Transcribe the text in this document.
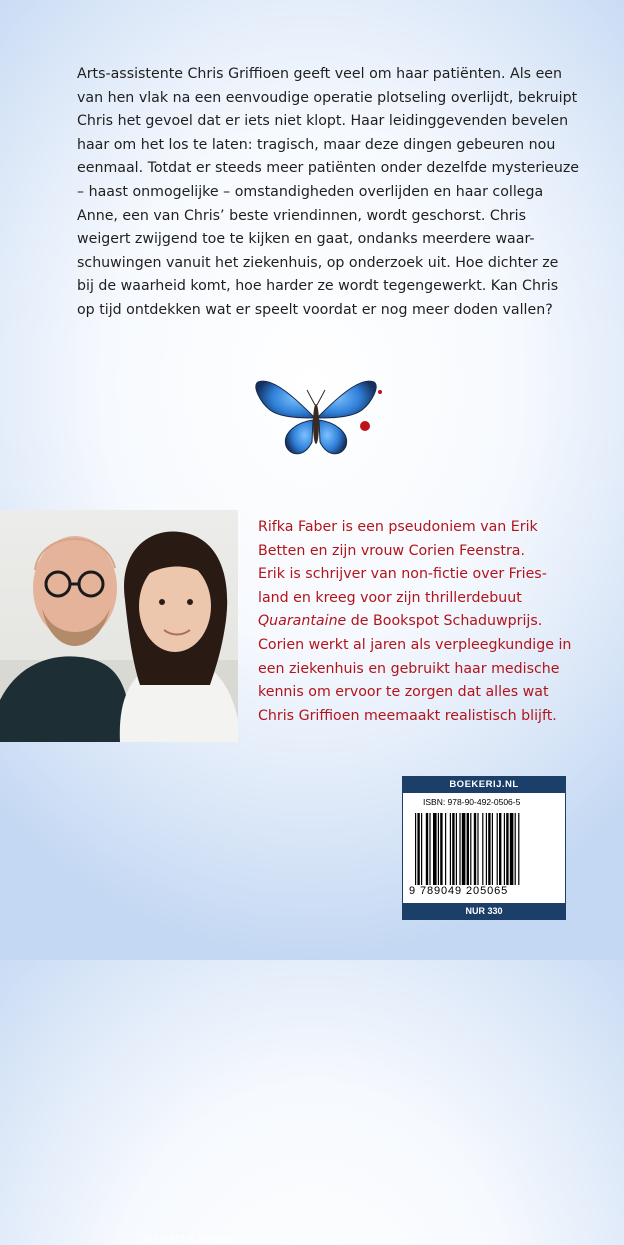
Arts-assistente Chris Griffioen geeft veel om haar patiënten. Als een
van hen vlak na een eenvoudige operatie plotseling overlijdt, bekruipt
Chris het gevoel dat er iets niet klopt. Haar leidinggevenden bevelen
haar om het los te laten: tragisch, maar deze dingen gebeuren nou
eenmaal. Totdat er steeds meer patiënten onder dezelfde mysterieuze
– haast onmogelijke – omstandigheden overlijden en haar collega
Anne, een van Chris’ beste vriendinnen, wordt geschorst. Chris
weigert zwijgend toe te kijken en gaat, ondanks meerdere waar-
schuwingen vanuit het ziekenhuis, op onderzoek uit. Hoe dichter ze
bij de waarheid komt, hoe harder ze wordt tegengewerkt. Kan Chris
op tijd ontdekken wat er speelt voordat er nog meer doden vallen?
© HESTER DOOVE
Rifka Faber is een pseudoniem van Erik
Betten en zijn vrouw Corien Feenstra.
Erik is schrijver van non-fictie over Fries-
land en kreeg voor zijn thrillerdebuut
Quarantaine de Bookspot Schaduwprijs.
Corien werkt al jaren als verpleegkundige in
een ziekenhuis en gebruikt haar medische
kennis om ervoor te zorgen dat alles wat
Chris Griffioen meemaakt realistisch blijft.
BOEKERIJ.NL
ISBN: 978-90-492-0506-5
9 789049 205065
NUR 330
